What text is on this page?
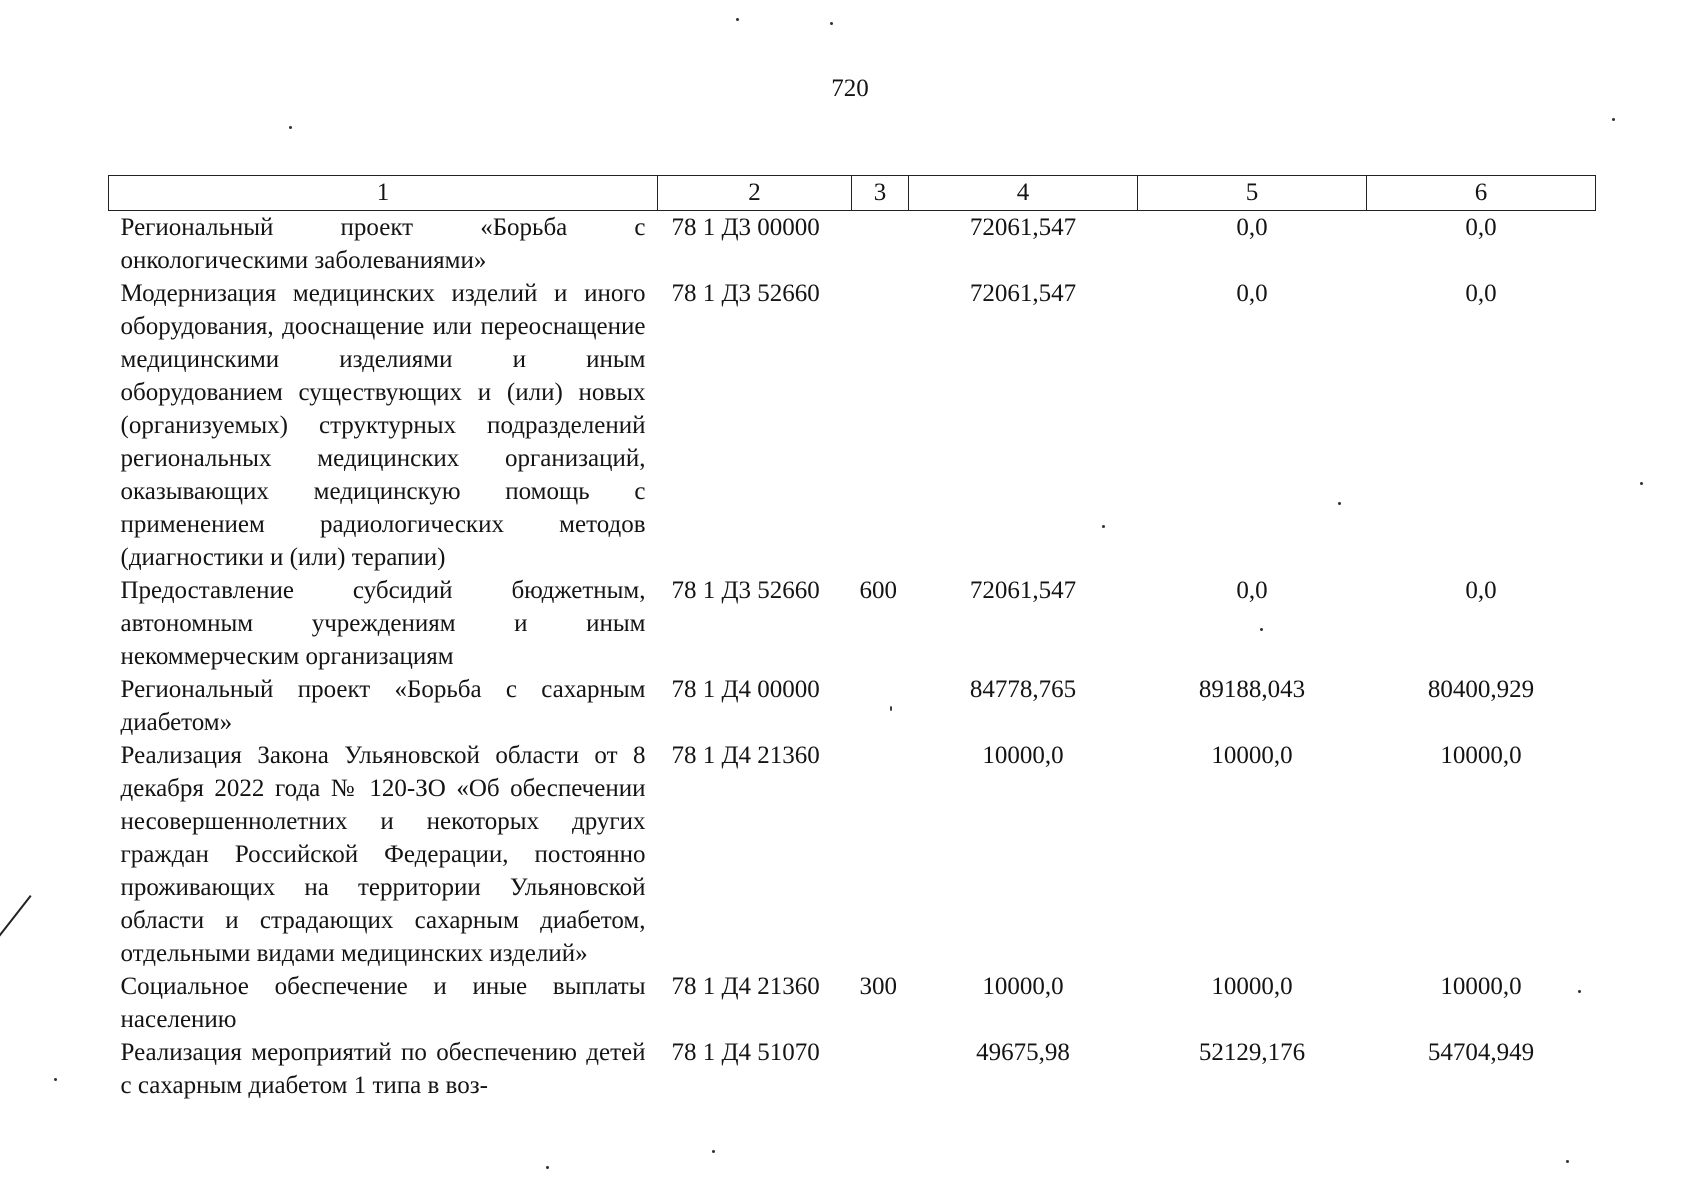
720
1	2	3	4	5	6
Региональный проект «Борьба с онкологическими заболеваниями»	78 1 Д3 00000		72061,547	0,0	0,0
Модернизация медицинских изделий и иного оборудования, дооснащение или переоснащение медицинскими изделиями и иным оборудованием существующих и (или) новых (организуемых) структурных подразделений региональных медицинских организаций, оказывающих медицинскую помощь с применением радиологических методов (диагностики и (или) терапии)	78 1 Д3 52660		72061,547	0,0	0,0
Предоставление субсидий бюджетным, автономным учреждениям и иным некоммерческим организациям	78 1 Д3 52660	600	72061,547	0,0	0,0
Региональный проект «Борьба с сахарным диабетом»	78 1 Д4 00000		84778,765	89188,043	80400,929
Реализация Закона Ульяновской области от 8 декабря 2022 года № 120-ЗО «Об обеспечении несовершеннолетних и некоторых других граждан Российской Федерации, постоянно проживающих на территории Ульяновской области и страдающих сахарным диабетом, отдельными видами медицинских изделий»	78 1 Д4 21360		10000,0	10000,0	10000,0
Социальное обеспечение и иные выплаты населению	78 1 Д4 21360	300	10000,0	10000,0	10000,0
Реализация мероприятий по обеспечению детей с сахарным диабетом 1 типа в воз-	78 1 Д4 51070		49675,98	52129,176	54704,949
